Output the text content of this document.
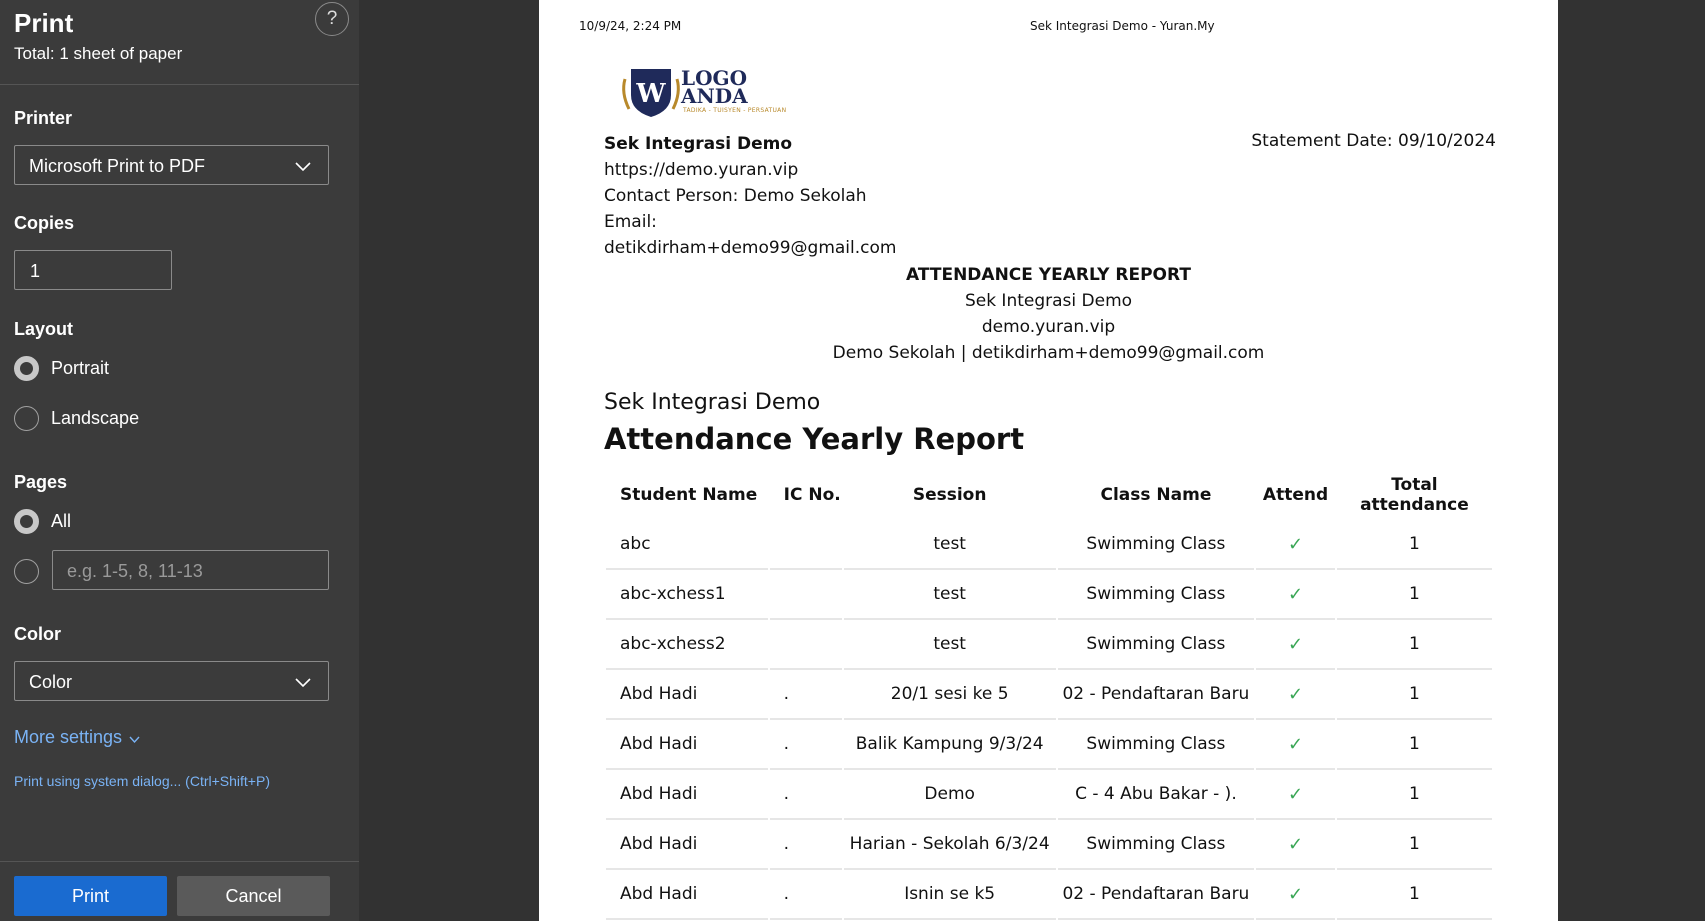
Print
Total: 1 sheet of paper
?
Printer
Microsoft Print to PDF
Copies
1
Layout
Portrait
Landscape
Pages
All
e.g. 1-5, 8, 11-13
Color
Color
More settings
Print using system dialog... (Ctrl+Shift+P)
Print	Cancel
10/9/24, 2:24 PM	Sek Integrasi Demo - Yuran.My
W
LOGO
ANDA
TADIKA - TUISYEN - PERSATUAN
Sek Integrasi Demo
https://demo.yuran.vip
Contact Person: Demo Sekolah
Email:
detikdirham+demo99@gmail.com
Statement Date: 09/10/2024
ATTENDANCE YEARLY REPORT
Sek Integrasi Demo
demo.yuran.vip
Demo Sekolah | detikdirham+demo99@gmail.com
Sek Integrasi Demo
Attendance Yearly Report
Student Name	IC No.	Session	Class Name	Attend	Total attendance
abc		test	Swimming Class	✓	1
abc-xchess1		test	Swimming Class	✓	1
abc-xchess2		test	Swimming Class	✓	1
Abd Hadi	.	20/1 sesi ke 5	02 - Pendaftaran Baru	✓	1
Abd Hadi	.	Balik Kampung 9/3/24	Swimming Class	✓	1
Abd Hadi	.	Demo	C - 4 Abu Bakar - ).	✓	1
Abd Hadi	.	Harian - Sekolah 6/3/24	Swimming Class	✓	1
Abd Hadi	.	Isnin se k5	02 - Pendaftaran Baru	✓	1
